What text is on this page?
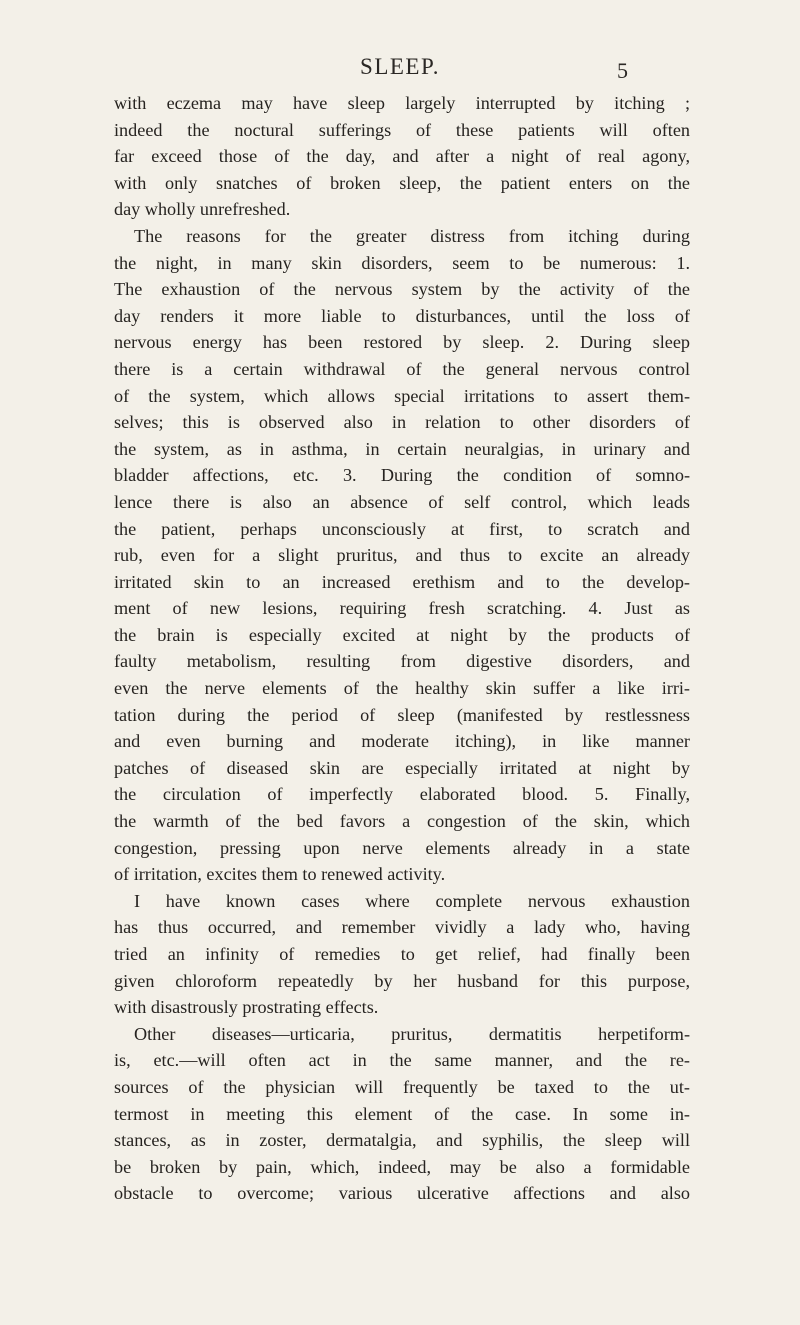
SLEEP.	5
with eczema may have sleep largely interrupted by itching ;
indeed the noctural sufferings of these patients will often
far exceed those of the day, and after a night of real agony,
with only snatches of broken sleep, the patient enters on the
day wholly unrefreshed.
The reasons for the greater distress from itching during
the night, in many skin disorders, seem to be numerous: 1.
The exhaustion of the nervous system by the activity of the
day renders it more liable to disturbances, until the loss of
nervous energy has been restored by sleep. 2. During sleep
there is a certain withdrawal of the general nervous control
of the system, which allows special irritations to assert them-
selves; this is observed also in relation to other disorders of
the system, as in asthma, in certain neuralgias, in urinary and
bladder affections, etc. 3. During the condition of somno-
lence there is also an absence of self control, which leads
the patient, perhaps unconsciously at first, to scratch and
rub, even for a slight pruritus, and thus to excite an already
irritated skin to an increased erethism and to the develop-
ment of new lesions, requiring fresh scratching. 4. Just as
the brain is especially excited at night by the products of
faulty metabolism, resulting from digestive disorders, and
even the nerve elements of the healthy skin suffer a like irri-
tation during the period of sleep (manifested by restlessness
and even burning and moderate itching), in like manner
patches of diseased skin are especially irritated at night by
the circulation of imperfectly elaborated blood. 5. Finally,
the warmth of the bed favors a congestion of the skin, which
congestion, pressing upon nerve elements already in a state
of irritation, excites them to renewed activity.
I have known cases where complete nervous exhaustion
has thus occurred, and remember vividly a lady who, having
tried an infinity of remedies to get relief, had finally been
given chloroform repeatedly by her husband for this purpose,
with disastrously prostrating effects.
Other diseases—urticaria, pruritus, dermatitis herpetiform-
is, etc.—will often act in the same manner, and the re-
sources of the physician will frequently be taxed to the ut-
termost in meeting this element of the case. In some in-
stances, as in zoster, dermatalgia, and syphilis, the sleep will
be broken by pain, which, indeed, may be also a formidable
obstacle to overcome; various ulcerative affections and also
